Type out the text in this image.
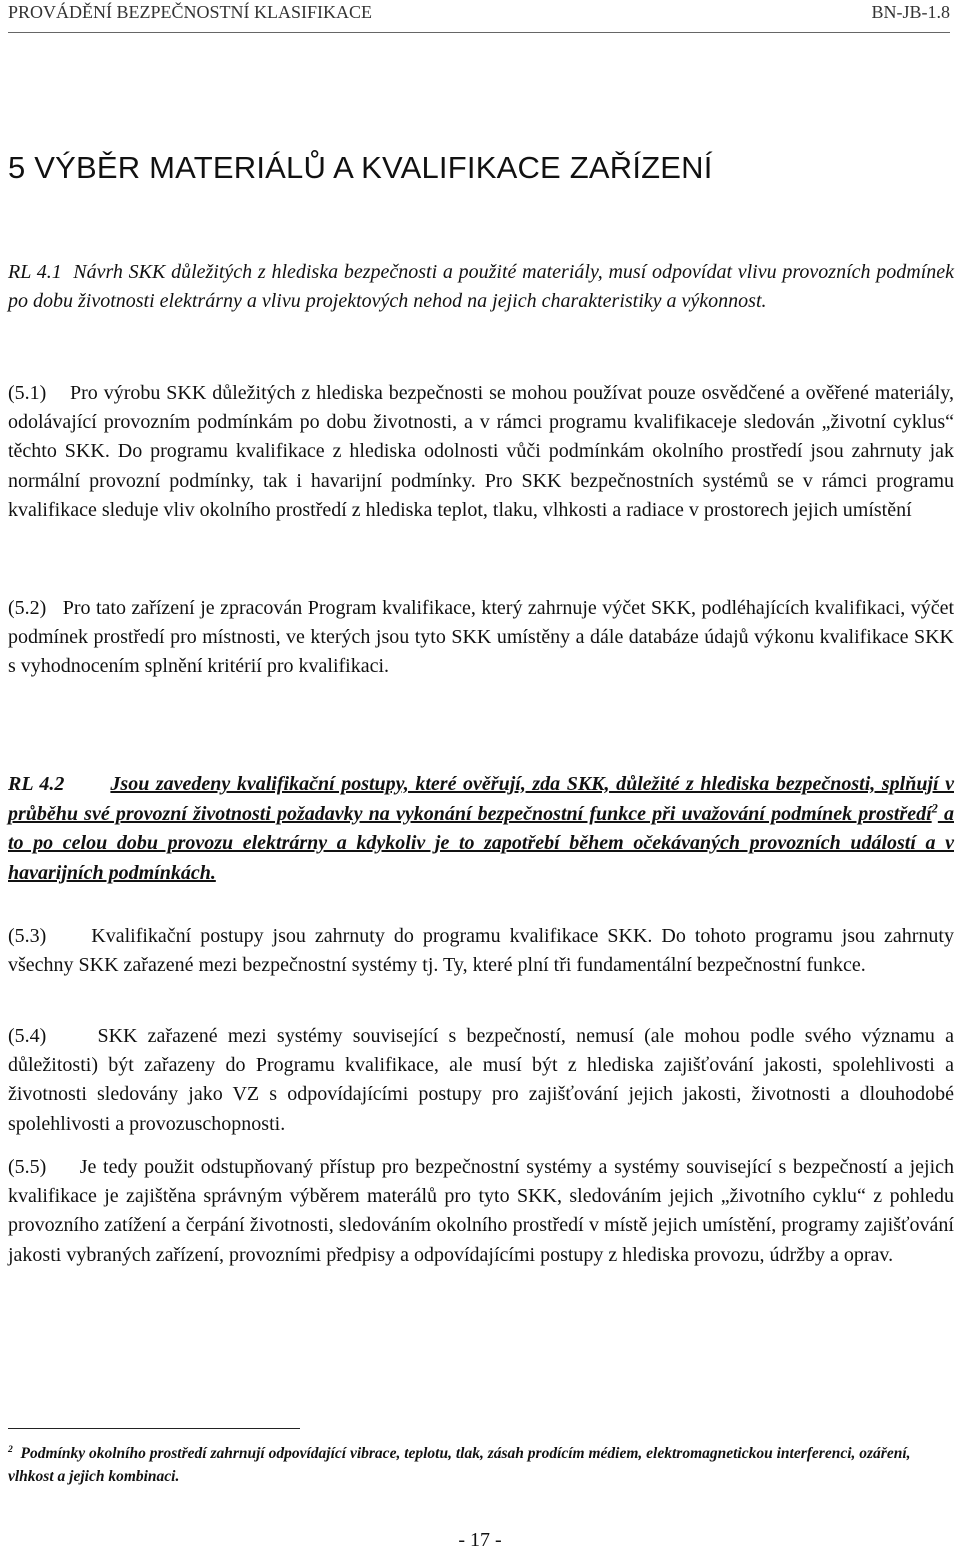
PROVÁDĚNÍ BEZPEČNOSTNÍ KLASIFIKACE	BN-JB-1.8
5 VÝBĚR MATERIÁLŮ A KVALIFIKACE ZAŘÍZENÍ

RL 4.1 Návrh SKK důležitých z hlediska bezpečnosti a použité materiály, musí odpovídat vlivu provozních podmínek po dobu životnosti elektrárny a vlivu projektových nehod na jejich charakteristiky a výkonnost.

(5.1) Pro výrobu SKK důležitých z hlediska bezpečnosti se mohou používat pouze osvědčené a ověřené materiály, odolávající provozním podmínkám po dobu životnosti, a v rámci programu kvalifikaceje sledován „životní cyklus“ těchto SKK. Do programu kvalifikace z hlediska odolnosti vůči podmínkám okolního prostředí jsou zahrnuty jak normální provozní podmínky, tak i havarijní podmínky. Pro SKK bezpečnostních systémů se v rámci programu kvalifikace sleduje vliv okolního prostředí z hlediska teplot, tlaku, vlhkosti a radiace v prostorech jejich umístění

(5.2) Pro tato zařízení je zpracován Program kvalifikace, který zahrnuje výčet SKK, podléhajících kvalifikaci, výčet podmínek prostředí pro místnosti, ve kterých jsou tyto SKK umístěny a dále databáze údajů výkonu kvalifikace SKK s vyhodnocením splnění kritérií pro kvalifikaci.

RL 4.2 Jsou zavedeny kvalifikační postupy, které ověřují, zda SKK, důležité z hlediska bezpečnosti, splňují v průběhu své provozní životnosti požadavky na vykonání bezpečnostní funkce při uvažování podmínek prostředí$^2$ a to po celou dobu provozu elektrárny a kdykoliv je to zapotřebí během očekávaných provozních událostí a v havarijních podmínkách.

(5.3) Kvalifikační postupy jsou zahrnuty do programu kvalifikace SKK. Do tohoto programu jsou zahrnuty všechny SKK zařazené mezi bezpečnostní systémy tj. Ty, které plní tři fundamentální bezpečnostní funkce.

(5.4)	SKK zařazené mezi systémy související s bezpečností, nemusí (ale mohou podle svého významu a důležitosti) být zařazeny do Programu kvalifikace, ale musí být z hlediska zajišťování jakosti, spolehlivosti a životnosti sledovány jako VZ s odpovídajícími postupy pro zajišťování jejich jakosti, životnosti a dlouhodobé spolehlivosti a provozuschopnosti.

(5.5) Je tedy použit odstupňovaný přístup pro bezpečnostní systémy a systémy související s bezpečností a jejich kvalifikace je zajištěna správným výběrem materálů pro tyto SKK, sledováním jejich „životního cyklu“ z pohledu provozního zatížení a čerpání životnosti, sledováním okolního prostředí v místě jejich umístění, programy zajišťování jakosti vybraných zařízení, provozními předpisy a odpovídajícími postupy z hlediska provozu, údržby a oprav.

$^2$ Podmínky okolního prostředí zahrnují odpovídající vibrace, teplotu, tlak, zásah prodícím médiem, elektromagnetickou interferenci, ozáření, vlhkost a jejich kombinaci.

- 17 -
